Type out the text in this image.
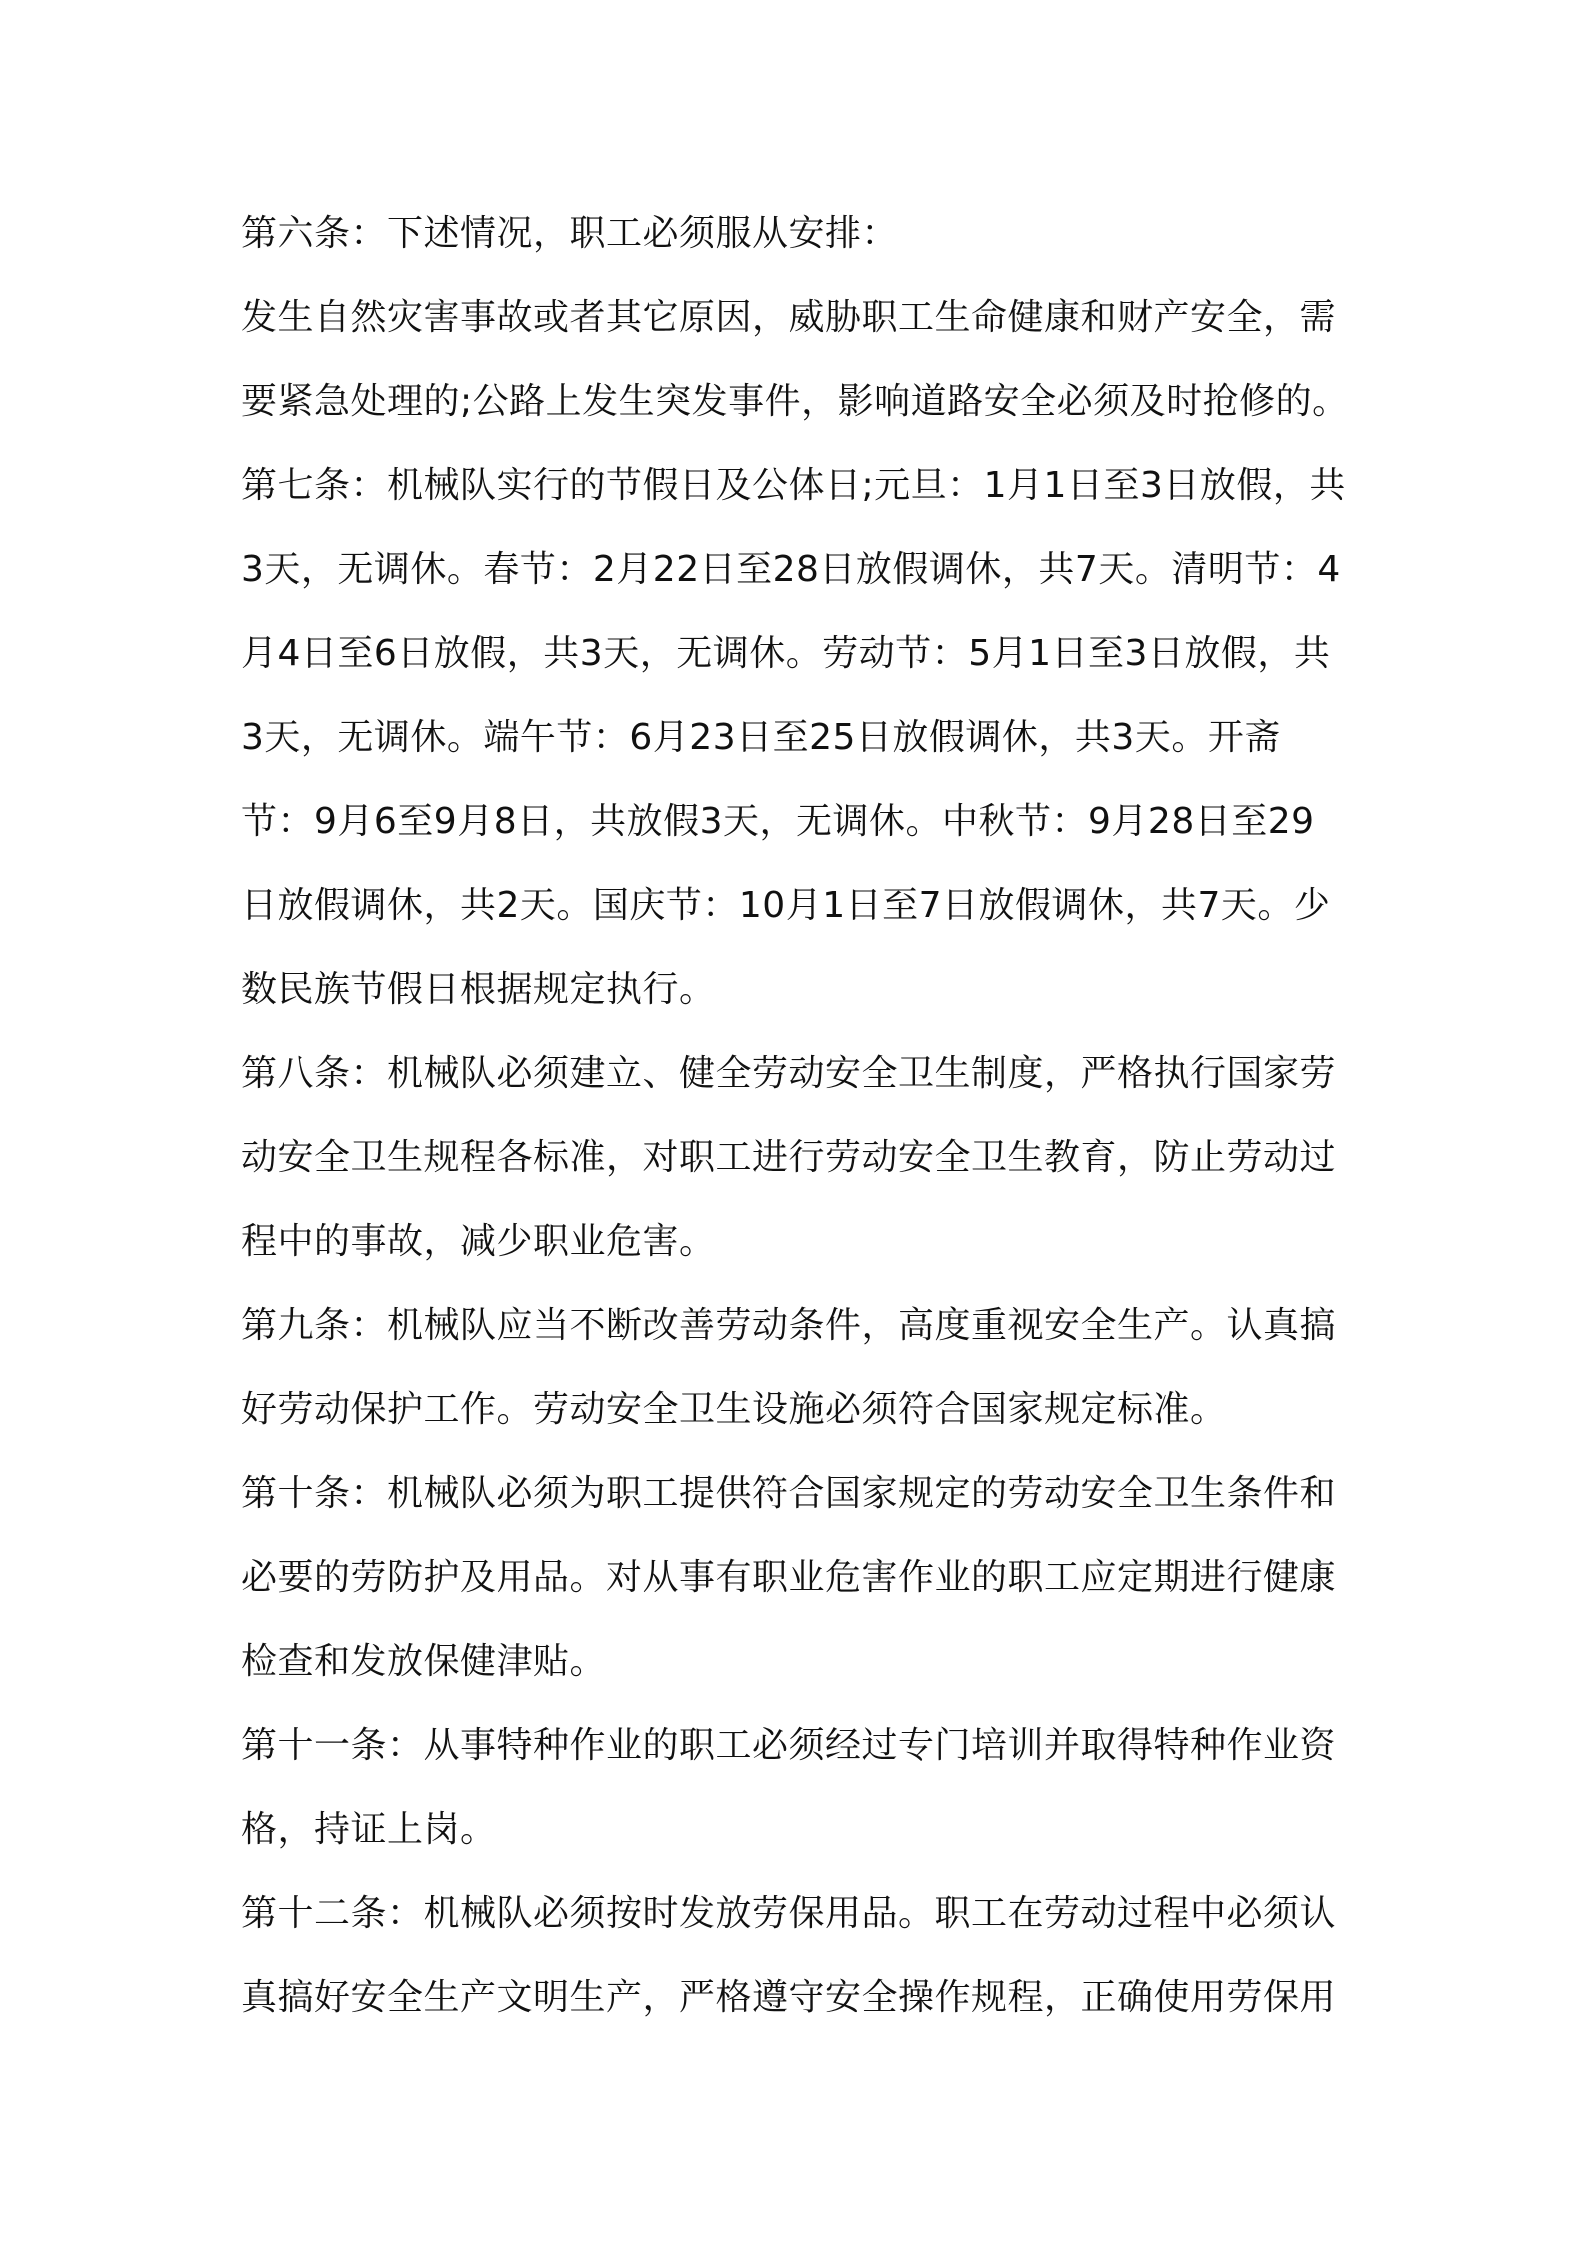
第六条：下述情况，职工必须服从安排：

发生自然灾害事故或者其它原因，威胁职工生命健康和财产安全，需要紧急处理的;公路上发生突发事件，影响道路安全必须及时抢修的。

第七条：机械队实行的节假日及公体日;元旦：1月1日至3日放假，共3天，无调休。春节：2月22日至28日放假调休，共7天。清明节：4月4日至6日放假，共3天，无调休。劳动节：5月1日至3日放假，共3天，无调休。端午节：6月23日至25日放假调休，共3天。开斋节：9月6至9月8日，共放假3天，无调休。中秋节：9月28日至29日放假调休，共2天。国庆节：10月1日至7日放假调休，共7天。少数民族节假日根据规定执行。

第八条：机械队必须建立、健全劳动安全卫生制度，严格执行国家劳动安全卫生规程各标准，对职工进行劳动安全卫生教育，防止劳动过程中的事故，减少职业危害。

第九条：机械队应当不断改善劳动条件，高度重视安全生产。认真搞好劳动保护工作。劳动安全卫生设施必须符合国家规定标准。

第十条：机械队必须为职工提供符合国家规定的劳动安全卫生条件和必要的劳防护及用品。对从事有职业危害作业的职工应定期进行健康检查和发放保健津贴。

第十一条：从事特种作业的职工必须经过专门培训并取得特种作业资格，持证上岗。

第十二条：机械队必须按时发放劳保用品。职工在劳动过程中必须认真搞好安全生产文明生产，严格遵守安全操作规程，正确使用劳保用
